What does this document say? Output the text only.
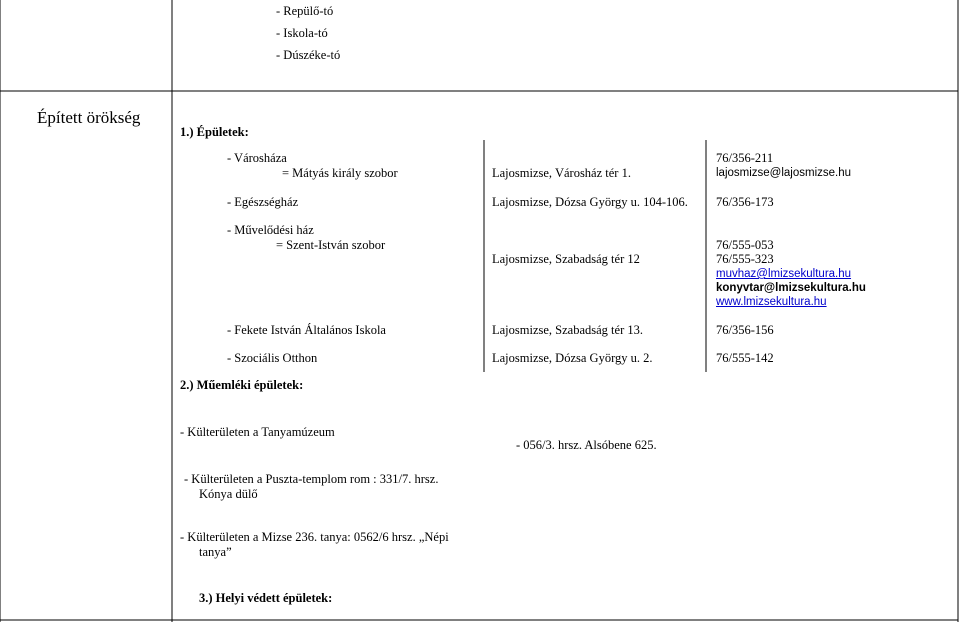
- Repülő-tó
- Iskola-tó
- Dúszéke-tó
Épített örökség
1.) Épületek:
- Városháza
= Mátyás király szobor	Lajosmizse, Városház tér 1.
76/356-211
lajosmizse@lajosmizse.hu
- Egészségház	Lajosmizse, Dózsa György u. 104-106. 76/356-173
- Művelődési ház
= Szent-István szobor
Lajosmizse, Szabadság tér 12
76/555-053
76/555-323
muvhaz@lmizsekultura.hu
konyvtar@lmizsekultura.hu
www.lmizsekultura.hu
- Fekete István Általános Iskola	Lajosmizse, Szabadság tér 13.	76/356-156
- Szociális Otthon	Lajosmizse, Dózsa György u. 2.	76/555-142
2.) Műemléki épületek:
- Külterületen a Tanyamúzeum
- 056/3. hrsz. Alsóbene 625.
- Külterületen a Puszta-templom rom : 331/7. hrsz.
Kónya dülő
- Külterületen a Mizse 236. tanya: 0562/6 hrsz. „Népi
tanya”
3.) Helyi védett épületek:
